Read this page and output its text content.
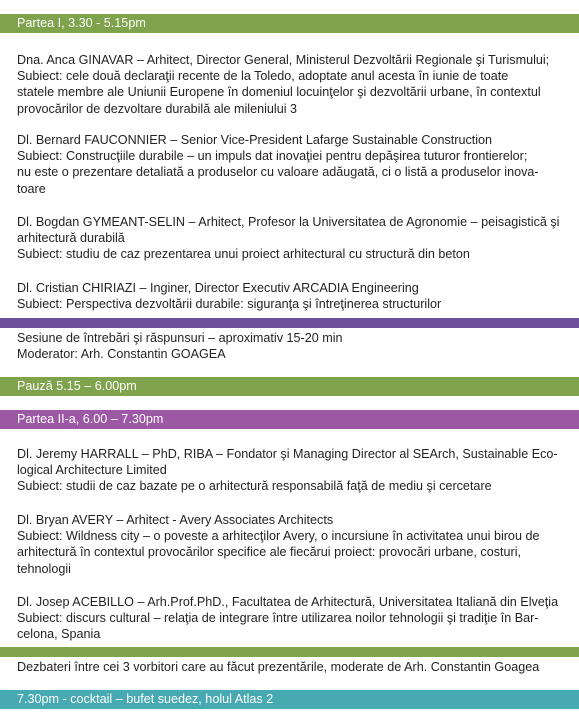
Partea I, 3.30 - 5.15pm
Dna. Anca GINAVAR – Arhitect, Director General, Ministerul Dezvoltării Regionale şi Turismului;
Subiect: cele două declaraţii recente de la Toledo, adoptate anul acesta în iunie de toate
statele membre ale Uniunii Europene în domeniul locuinţelor şi dezvoltării urbane, în contextul
provocărilor de dezvoltare durabilă ale mileniului 3
Dl. Bernard FAUCONNIER – Senior Vice-President Lafarge Sustainable Construction
Subiect: Construcţiile durabile – un impuls dat inovaţiei pentru depăşirea tuturor frontierelor;
nu este o prezentare detaliată a produselor cu valoare adăugată, ci o listă a produselor inova-
toare
Dl. Bogdan GYMEANT-SELIN – Arhitect, Profesor la Universitatea de Agronomie – peisagistică şi
arhitectură durabilă
Subiect: studiu de caz prezentarea unui proiect arhitectural cu structură din beton
Dl. Cristian CHIRIAZI – Inginer, Director Executiv ARCADIA Engineering
Subiect: Perspectiva dezvoltării durabile: siguranţa şi întreţinerea structurilor
Sesiune de întrebări şi răspunsuri – aproximativ 15-20 min
Moderator: Arh. Constantin GOAGEA
Pauză 5.15 – 6.00pm
Partea II-a, 6.00 – 7.30pm
Dl. Jeremy HARRALL – PhD, RIBA – Fondator şi Managing Director al SEArch, Sustainable Eco-
logical Architecture Limited
Subiect: studii de caz bazate pe o arhitectură responsabilă faţă de mediu şi cercetare
Dl. Bryan AVERY – Arhitect - Avery Associates Architects
Subiect: Wildness city – o poveste a arhitecţilor Avery, o incursiune în activitatea unui birou de
arhitectură în contextul provocărilor specifice ale fiecărui proiect: provocări urbane, costuri,
tehnologii
Dl. Josep ACEBILLO – Arh.Prof.PhD., Facultatea de Arhitectură, Universitatea Italiană din Elveţia
Subiect: discurs cultural – relaţia de integrare între utilizarea noilor tehnologii şi tradiţie în Bar-
celona, Spania
Dezbateri între cei 3 vorbitori care au făcut prezentările, moderate de Arh. Constantin Goagea
7.30pm - cocktail – bufet suedez, holul Atlas 2
